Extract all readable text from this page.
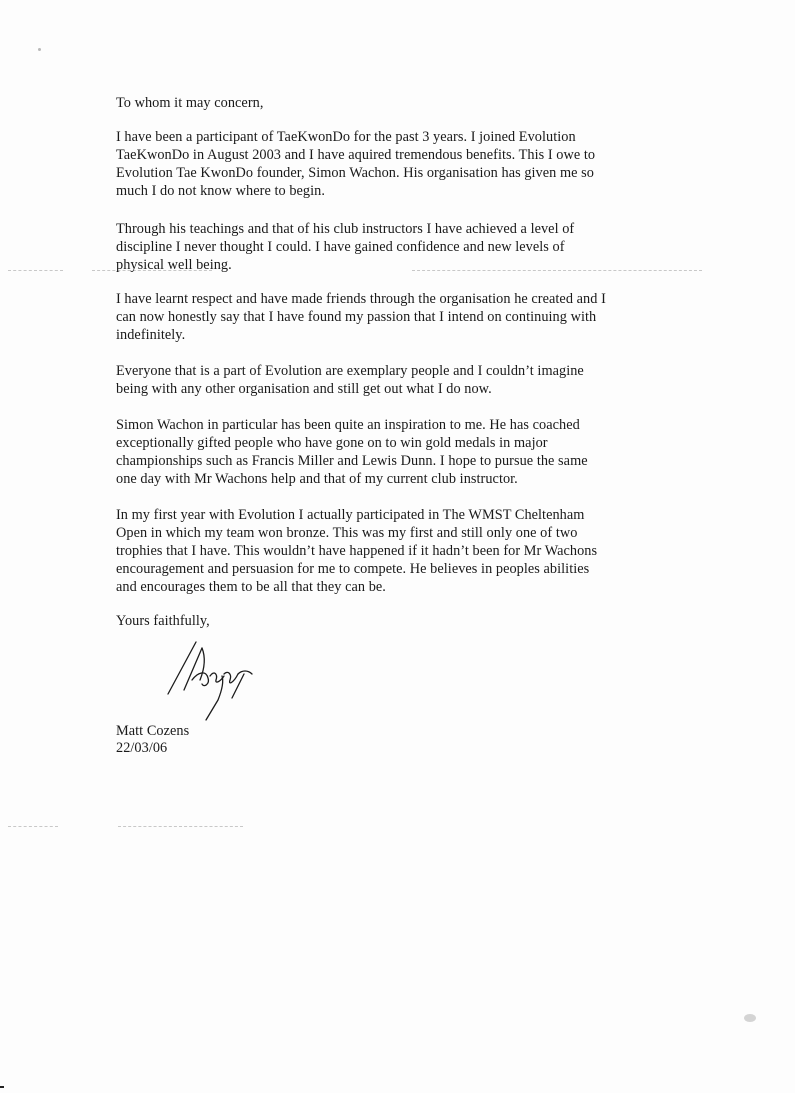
To whom it may concern,
I have been a participant of TaeKwonDo for the past 3 years. I joined Evolution
TaeKwonDo in August 2003 and I have aquired tremendous benefits. This I owe to
Evolution Tae KwonDo founder, Simon Wachon. His organisation has given me so
much I do not know where to begin.
Through his teachings and that of his club instructors I have achieved a level of
discipline I never thought I could. I have gained confidence and new levels of
physical well being.
I have learnt respect and have made friends through the organisation he created and I
can now honestly say that I have found my passion that I intend on continuing with
indefinitely.
Everyone that is a part of Evolution are exemplary people and I couldn’t imagine
being with any other organisation and still get out what I do now.
Simon Wachon in particular has been quite an inspiration to me. He has coached
exceptionally gifted people who have gone on to win gold medals in major
championships such as Francis Miller and Lewis Dunn. I hope to pursue the same
one day with Mr Wachons help and that of my current club instructor.
In my first year with Evolution I actually participated in The WMST Cheltenham
Open in which my team won bronze. This was my first and still only one of two
trophies that I have. This wouldn’t have happened if it hadn’t been for Mr Wachons
encouragement and persuasion for me to compete. He believes in peoples abilities
and encourages them to be all that they can be.
Yours faithfully,
Matt Cozens
22/03/06
